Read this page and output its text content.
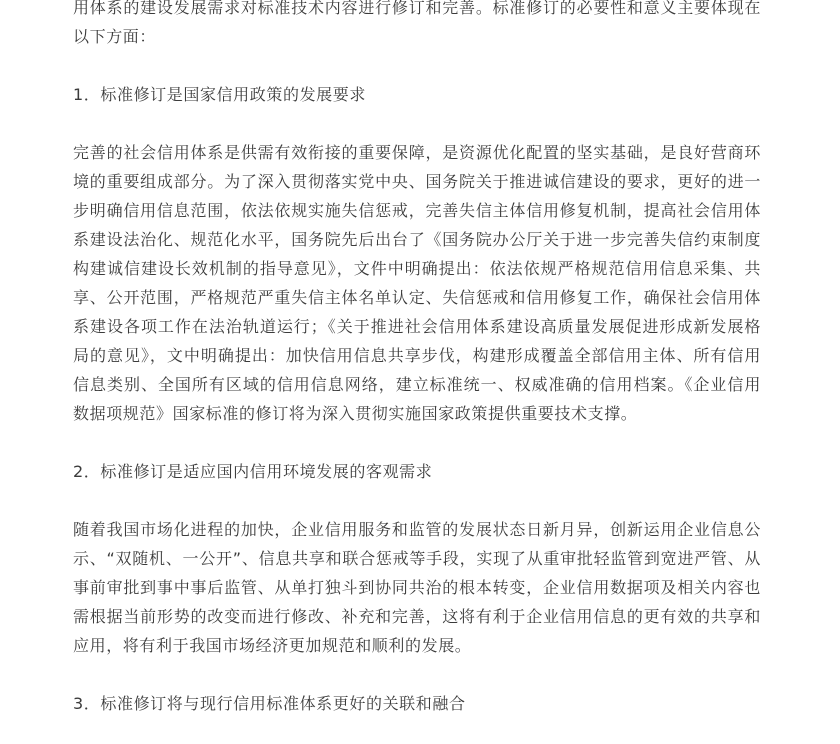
用体系的建设发展需求对标准技术内容进行修订和完善。标准修订的必要性和意义主要体现在以下方面：

1．标准修订是国家信用政策的发展要求

完善的社会信用体系是供需有效衔接的重要保障，是资源优化配置的坚实基础，是良好营商环境的重要组成部分。为了深入贯彻落实党中央、国务院关于推进诚信建设的要求，更好的进一步明确信用信息范围，依法依规实施失信惩戒，完善失信主体信用修复机制，提高社会信用体系建设法治化、规范化水平，国务院先后出台了《国务院办公厅关于进一步完善失信约束制度构建诚信建设长效机制的指导意见》，文件中明确提出：依法依规严格规范信用信息采集、共享、公开范围，严格规范严重失信主体名单认定、失信惩戒和信用修复工作，确保社会信用体系建设各项工作在法治轨道运行；《关于推进社会信用体系建设高质量发展促进形成新发展格局的意见》，文中明确提出：加快信用信息共享步伐，构建形成覆盖全部信用主体、所有信用信息类别、全国所有区域的信用信息网络，建立标准统一、权威准确的信用档案。《企业信用数据项规范》国家标准的修订将为深入贯彻实施国家政策提供重要技术支撑。

2．标准修订是适应国内信用环境发展的客观需求

随着我国市场化进程的加快，企业信用服务和监管的发展状态日新月异，创新运用企业信息公示、“双随机、一公开”、信息共享和联合惩戒等手段，实现了从重审批轻监管到宽进严管、从事前审批到事中事后监管、从单打独斗到协同共治的根本转变，企业信用数据项及相关内容也需根据当前形势的改变而进行修改、补充和完善，这将有利于企业信用信息的更有效的共享和应用，将有利于我国市场经济更加规范和顺利的发展。

3．标准修订将与现行信用标准体系更好的关联和融合
